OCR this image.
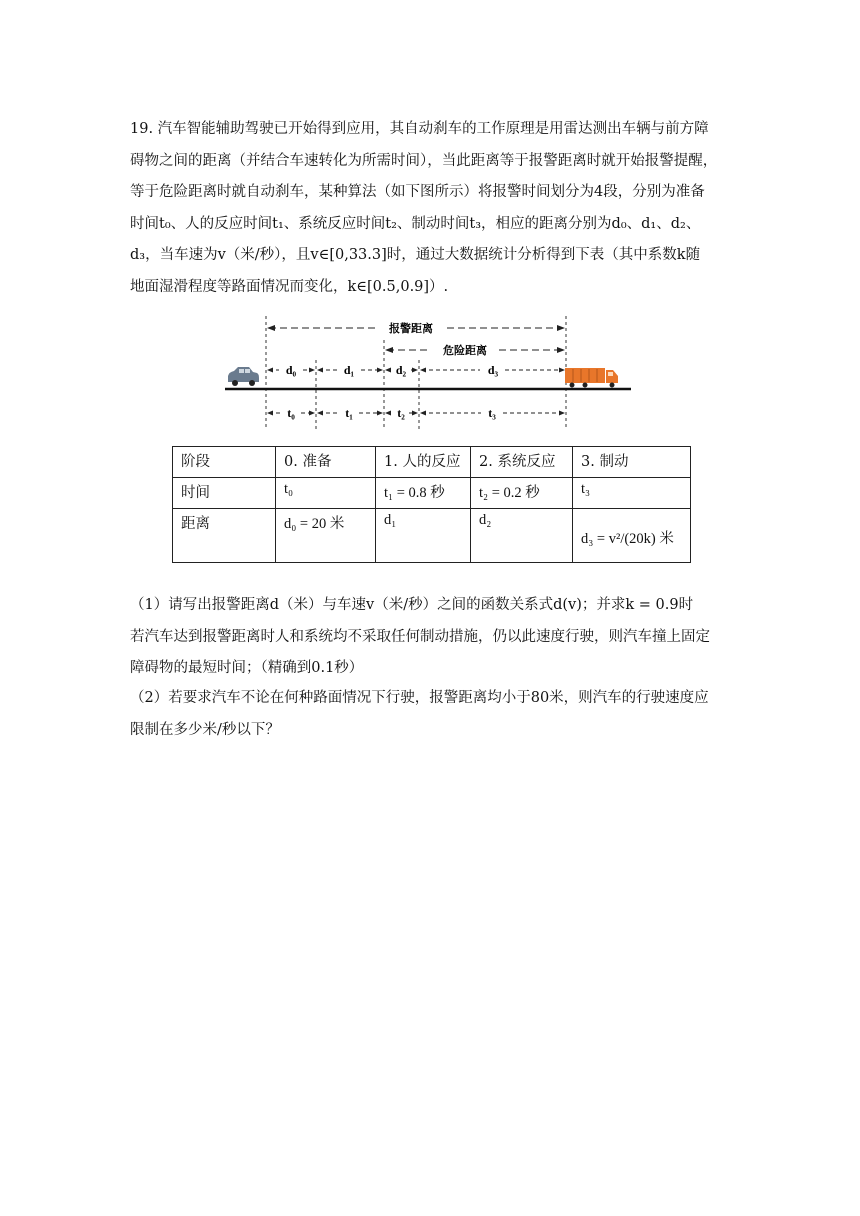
19. 汽车智能辅助驾驶已开始得到应用，其自动刹车的工作原理是用雷达测出车辆与前方障
碍物之间的距离（并结合车速转化为所需时间），当此距离等于报警距离时就开始报警提醒，
等于危险距离时就自动刹车，某种算法（如下图所示）将报警时间划分为4段，分别为准备
时间t₀、人的反应时间t₁、系统反应时间t₂、制动时间t₃，相应的距离分别为d₀、d₁、d₂、
d₃，当车速为v（米/秒），且v∈[0,33.3]时，通过大数据统计分析得到下表（其中系数k随
地面湿滑程度等路面情况而变化，k∈[0.5,0.9]）.

报警距离
危险距离
d₀	d₁	d₂	d₃
t₀	t₁	t₂	t₃
阶段	0. 准备	1. 人的反应	2. 系统反应	3. 制动
时间	t₀	t₁ = 0.8 秒	t₂ = 0.2 秒	t₃
距离	d₀ = 20 米	d₁	d₂	d₃ = v²/(20k) 米

（1）请写出报警距离d（米）与车速v（米/秒）之间的函数关系式d(v)；并求k = 0.9时
若汽车达到报警距离时人和系统均不采取任何制动措施，仍以此速度行驶，则汽车撞上固定
障碍物的最短时间；（精确到0.1秒）

（2）若要求汽车不论在何种路面情况下行驶，报警距离均小于80米，则汽车的行驶速度应
限制在多少米/秒以下？
